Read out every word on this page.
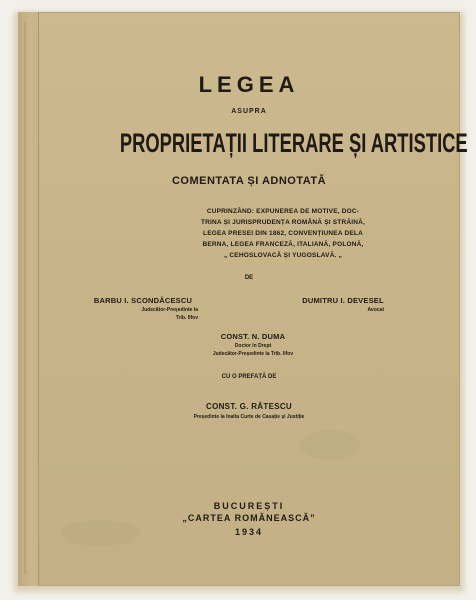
LEGEA
ASUPRA
PROPRIETAȚII LITERARE ȘI ARTISTICE
COMENTATA ȘI ADNOTATĂ
CUPRINZÂND: EXPUNEREA DE MOTIVE, DOC-
TRINA ȘI JURISPRUDENȚA ROMÂNĂ ȘI STRĂINĂ,
LEGEA PRESEI DIN 1862, CONVENȚIUNEA DELA
BERNA, LEGEA FRANCEZĂ, ITALIANĂ, POLONĂ,
„ CEHOSLOVACĂ ȘI YUGOSLAVĂ. „
DE
BARBU I. SCONDĂCESCU
Judecător-Președinte la
Trib. Ilfov
DUMITRU I. DEVESEL
Avocat
CONST. N. DUMA
Doctor în Drept
Judecător-Președinte la Trib. Ilfov
CU O PREFAȚĂ DE
CONST. G. RĂTESCU
Președinte la Inalta Curte de Casație și Justiție
BUCUREȘTI
„CARTEA ROMÂNEASCĂ”
1934
